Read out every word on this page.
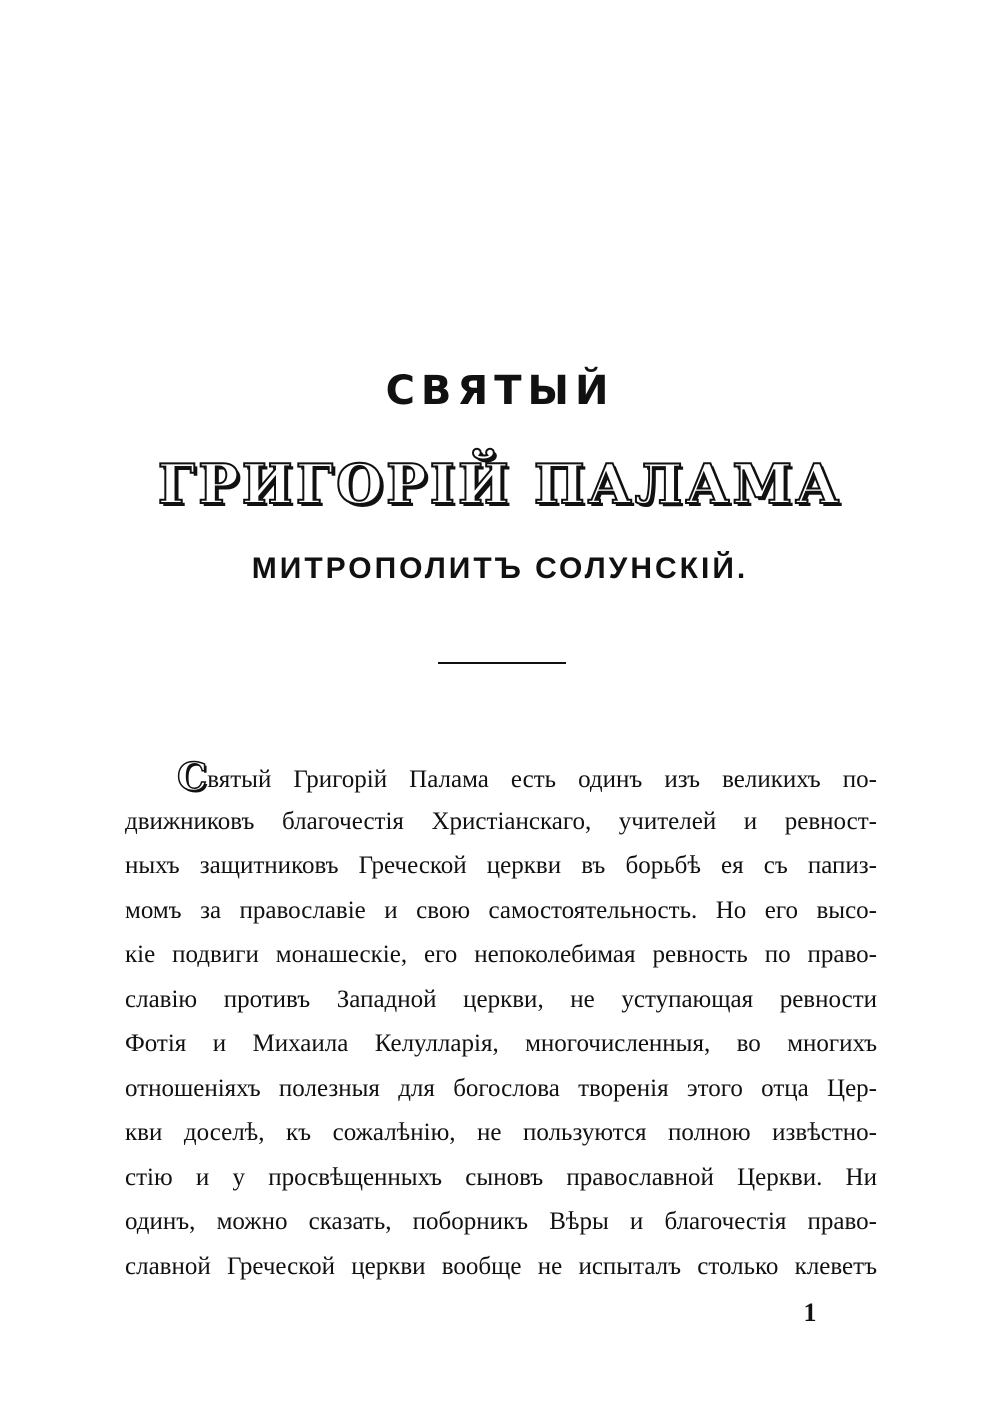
СВЯТЫЙ
ГРИГОРІЙ ПАЛАМА
МИТРОПОЛИТЪ СОЛУНСКІЙ.
Святый Григорій Палама есть одинъ изъ великихъ по-
движниковъ благочестія Христіанскаго, учителей и ревност-
ныхъ защитниковъ Греческой церкви въ борьбѣ ея съ папиз-
момъ за православіе и свою самостоятельность. Но его высо-
кіе подвиги монашескіе, его непоколебимая ревность по право-
славію противъ Западной церкви, не уступающая ревности
Фотія и Михаила Келулларія, многочисленныя, во многихъ
отношеніяхъ полезныя для богослова творенія этого отца Цер-
кви доселѣ, къ сожалѣнію, не пользуются полною извѣстно-
стію и у просвѣщенныхъ сыновъ православной Церкви. Ни
одинъ, можно сказать, поборникъ Вѣры и благочестія право-
славной Греческой церкви вообще не испыталъ столько клеветъ
1
